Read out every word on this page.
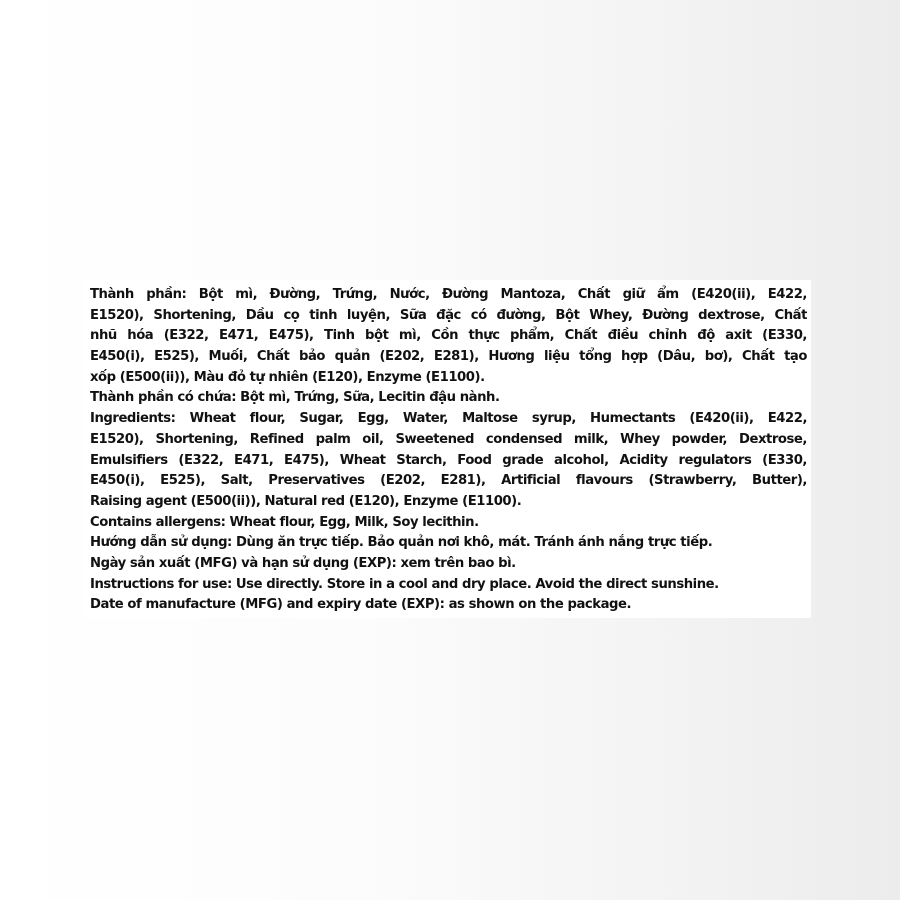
Thành phần: Bột mì, Đường, Trứng, Nước, Đường Mantoza, Chất giữ ẩm (E420(ii), E422,
E1520), Shortening, Dầu cọ tinh luyện, Sữa đặc có đường, Bột Whey, Đường dextrose, Chất
nhũ hóa (E322, E471, E475), Tinh bột mì, Cồn thực phẩm, Chất điều chỉnh độ axit (E330,
E450(i), E525), Muối, Chất bảo quản (E202, E281), Hương liệu tổng hợp (Dâu, bơ), Chất tạo
xốp (E500(ii)), Màu đỏ tự nhiên (E120), Enzyme (E1100).
Thành phần có chứa: Bột mì, Trứng, Sữa, Lecitin đậu nành.
Ingredients: Wheat flour, Sugar, Egg, Water, Maltose syrup, Humectants (E420(ii), E422,
E1520), Shortening, Refined palm oil, Sweetened condensed milk, Whey powder, Dextrose,
Emulsifiers (E322, E471, E475), Wheat Starch, Food grade alcohol, Acidity regulators (E330,
E450(i), E525), Salt, Preservatives (E202, E281), Artificial flavours (Strawberry, Butter),
Raising agent (E500(ii)), Natural red (E120), Enzyme (E1100).
Contains allergens: Wheat flour, Egg, Milk, Soy lecithin.
Hướng dẫn sử dụng: Dùng ăn trực tiếp. Bảo quản nơi khô, mát. Tránh ánh nắng trực tiếp.
Ngày sản xuất (MFG) và hạn sử dụng (EXP): xem trên bao bì.
Instructions for use: Use directly. Store in a cool and dry place. Avoid the direct sunshine.
Date of manufacture (MFG) and expiry date (EXP): as shown on the package.
